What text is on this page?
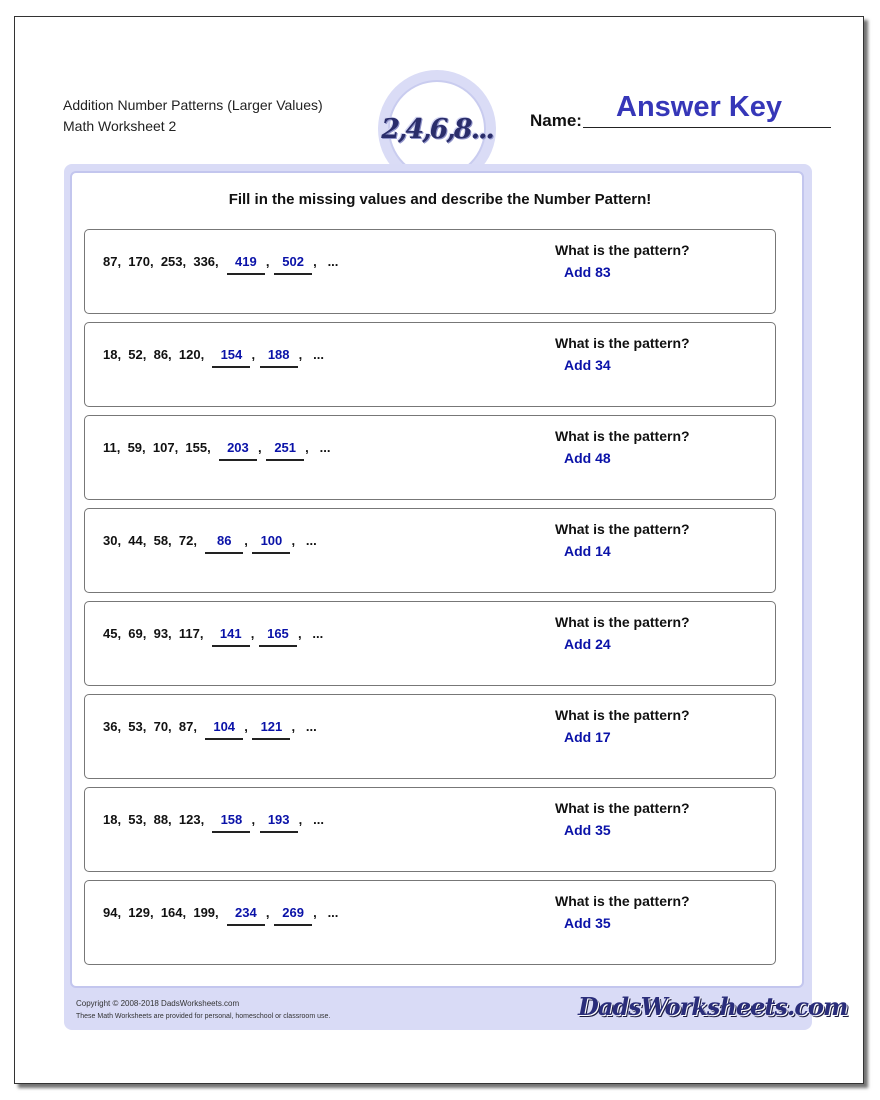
Addition Number Patterns (Larger Values)
Math Worksheet 2	2,4,6,8... Name: Answer Key
Fill in the missing values and describe the Number Pattern!
87,  170,  253,  336,
	419 , 502 ,   ...
What is the pattern?
Add 83
18,  52,  86,  120,
	154 , 188 ,   ...
What is the pattern?
Add 34
11,  59,  107,  155,
	203 , 251 ,   ...
What is the pattern?
Add 48
30,  44,  58,  72,
	86 , 100 ,   ...
What is the pattern?
Add 14
45,  69,  93,  117,
	141 , 165 ,   ...
What is the pattern?
Add 24
36,  53,  70,  87,
	104 , 121 ,   ...
What is the pattern?
Add 17
18,  53,  88,  123,
	158 , 193 ,   ...
What is the pattern?
Add 35
94,  129,  164,  199,
	234 , 269 ,   ...
What is the pattern?
Add 35
Copyright © 2008-2018 DadsWorksheets.com
These Math Worksheets are provided for personal, homeschool or classroom use.	DadsWorksheets.com
